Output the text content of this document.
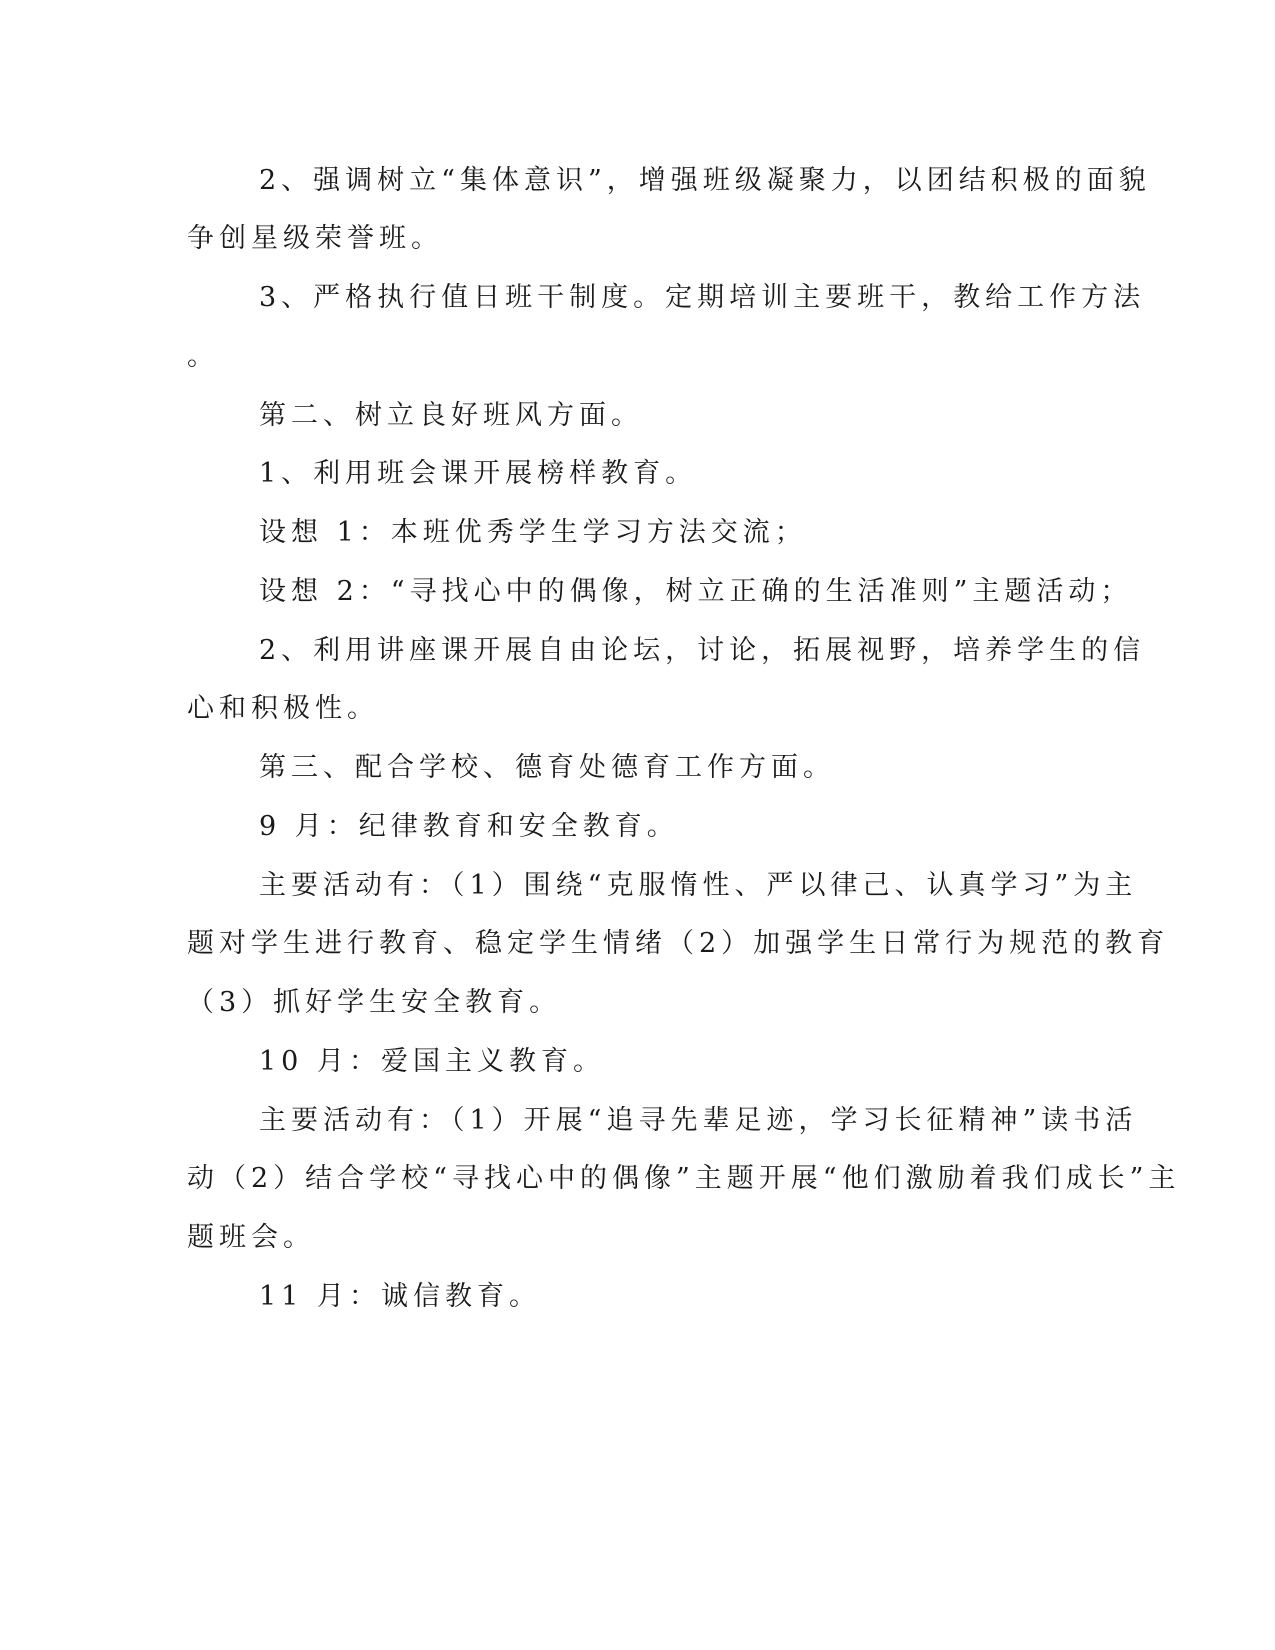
2、强调树立“集体意识”，增强班级凝聚力，以团结积极的面貌
争创星级荣誉班。
3、严格执行值日班干制度。定期培训主要班干，教给工作方法
。
第二、树立良好班风方面。
1、利用班会课开展榜样教育。
设想 1：本班优秀学生学习方法交流；
设想 2：“寻找心中的偶像，树立正确的生活准则”主题活动；
2、利用讲座课开展自由论坛，讨论，拓展视野，培养学生的信
心和积极性。
第三、配合学校、德育处德育工作方面。
9 月：纪律教育和安全教育。
主要活动有：（1）围绕“克服惰性、严以律己、认真学习”为主
题对学生进行教育、稳定学生情绪（2）加强学生日常行为规范的教育
（3）抓好学生安全教育。
10 月：爱国主义教育。
主要活动有：（1）开展“追寻先辈足迹，学习长征精神”读书活
动（2）结合学校“寻找心中的偶像”主题开展“他们激励着我们成长”主
题班会。
11 月：诚信教育。
